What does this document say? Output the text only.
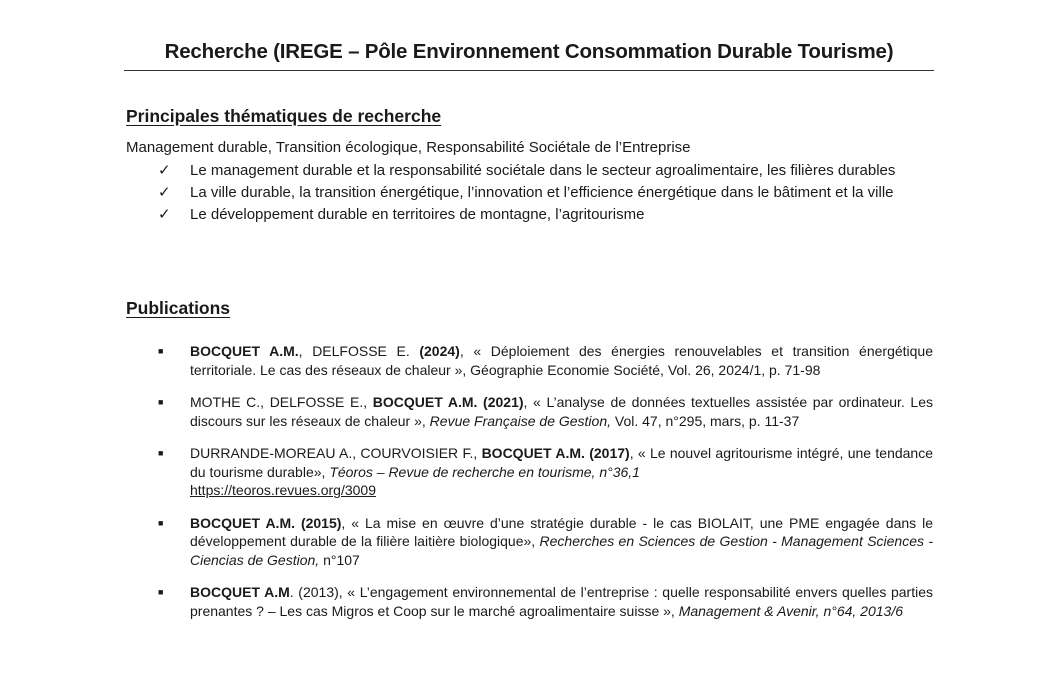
Recherche (IREGE – Pôle Environnement Consommation Durable Tourisme)
Principales thématiques de recherche
Management durable, Transition écologique, Responsabilité Sociétale de l’Entreprise
✓ Le management durable et la responsabilité sociétale dans le secteur agroalimentaire, les filières durables
✓ La ville durable, la transition énergétique, l’innovation et l’efficience énergétique dans le bâtiment et la ville
✓ Le développement durable en territoires de montagne, l’agritourisme
Publications
■ BOCQUET A.M., DELFOSSE E. (2024), « Déploiement des énergies renouvelables et transition énergétique territoriale. Le cas des réseaux de chaleur », Géographie Economie Société, Vol. 26, 2024/1, p. 71-98
■ MOTHE C., DELFOSSE E., BOCQUET A.M. (2021), « L’analyse de données textuelles assistée par ordinateur. Les discours sur les réseaux de chaleur », Revue Française de Gestion, Vol. 47, n°295, mars, p. 11-37
■ DURRANDE-MOREAU A., COURVOISIER F., BOCQUET A.M. (2017), « Le nouvel agritourisme intégré, une tendance du tourisme durable», Téoros – Revue de recherche en tourisme, n°36,1
https://teoros.revues.org/3009
■ BOCQUET A.M. (2015), « La mise en œuvre d’une stratégie durable - le cas BIOLAIT, une PME engagée dans le développement durable de la filière laitière biologique», Recherches en Sciences de Gestion - Management Sciences - Ciencias de Gestion, n°107
■ BOCQUET A.M. (2013), « L’engagement environnemental de l’entreprise : quelle responsabilité envers quelles parties prenantes ? – Les cas Migros et Coop sur le marché agroalimentaire suisse », Management & Avenir, n°64, 2013/6
